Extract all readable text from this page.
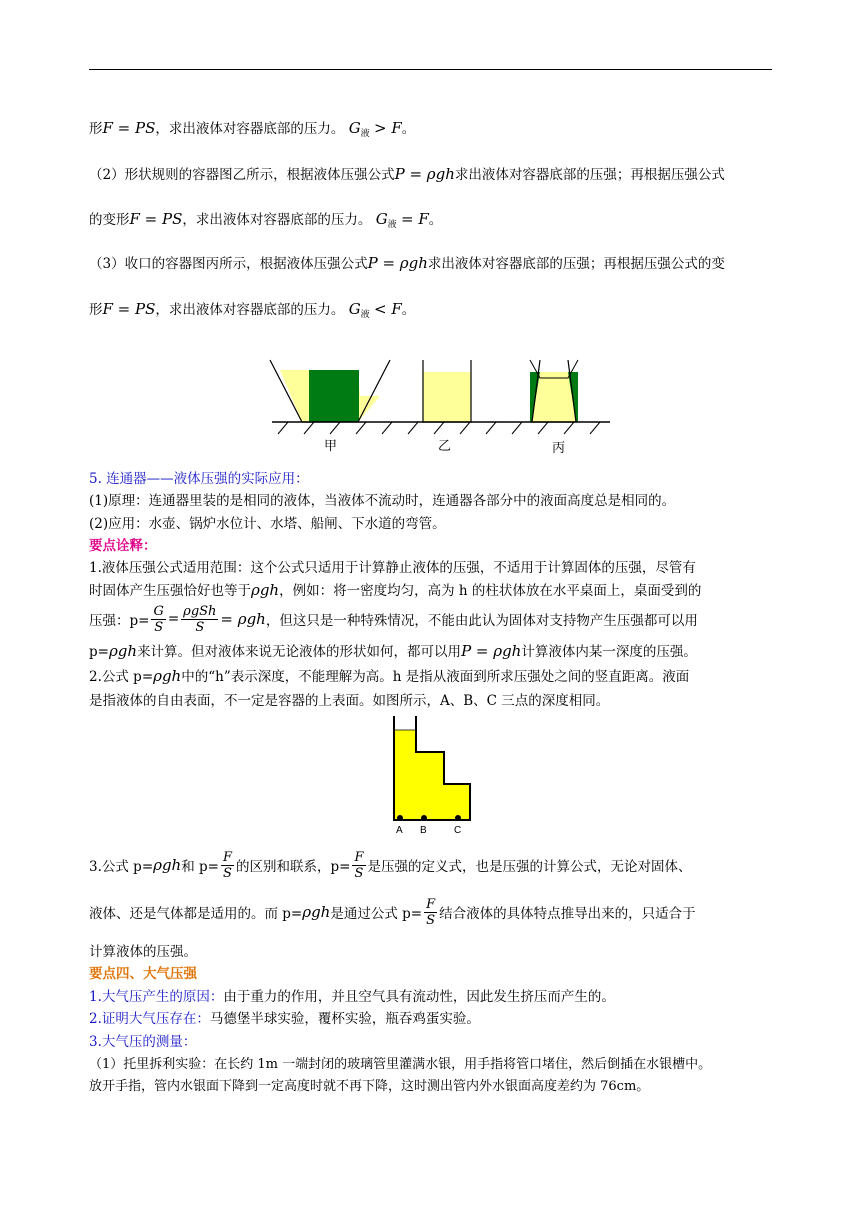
形F = PS，求出液体对容器底部的压力。 $G_液 > F$。
（2）形状规则的容器图乙所示，根据液体压强公式P = ρgh求出液体对容器底部的压强；再根据压强公式
的变形F = PS，求出液体对容器底部的压力。 $G_液 = F$。
（3）收口的容器图丙所示，根据液体压强公式P = ρgh求出液体对容器底部的压强；再根据压强公式的变
形F = PS，求出液体对容器底部的压力。 $G_液 < F$。
甲	乙	丙
5. 连通器——液体压强的实际应用：
(1)原理：连通器里装的是相同的液体，当液体不流动时，连通器各部分中的液面高度总是相同的。
(2)应用：水壶、锅炉水位计、水塔、船闸、下水道的弯管。
要点诠释：
1.液体压强公式适用范围：这个公式只适用于计算静止液体的压强，不适用于计算固体的压强，尽管有
时固体产生压强恰好也等于ρgh，例如：将一密度均匀，高为 h 的柱状体放在水平桌面上，桌面受到的
压强：$p= \frac{G}{S} = \frac{\text{ρgSh}}{S} = \rho gh$ ，但这只是一种特殊情况，不能由此认为固体对支持物产生压强都可以用
p=ρgh来计算。但对液体来说无论液体的形状如何，都可以用P = ρgh计算液体内某一深度的压强。
2.公式 p=ρgh中的“h”表示深度，不能理解为高。h 是指从液面到所求压强处之间的竖直距离。液面
是指液体的自由表面，不一定是容器的上表面。如图所示，A、B、C 三点的深度相同。
A B	C
3.公式 p= ρgh 和 $p= \frac{F}{S}$ 的区别和联系，$p= \frac{F}{S}$ 是压强的定义式，也是压强的计算公式，无论对固体、
液体、还是气体都是适用的。而 p= ρgh 是通过公式 $p= \frac{F}{S}$ 结合液体的具体特点推导出来的，只适合于
计算液体的压强。
要点四、大气压强
1.大气压产生的原因：由于重力的作用，并且空气具有流动性，因此发生挤压而产生的。
2.证明大气压存在：马德堡半球实验，覆杯实验，瓶吞鸡蛋实验。
3.大气压的测量：
（1）托里拆利实验：在长约 1m 一端封闭的玻璃管里灌满水银，用手指将管口堵住，然后倒插在水银槽中。
放开手指，管内水银面下降到一定高度时就不再下降，这时测出管内外水银面高度差约为 76cm。
